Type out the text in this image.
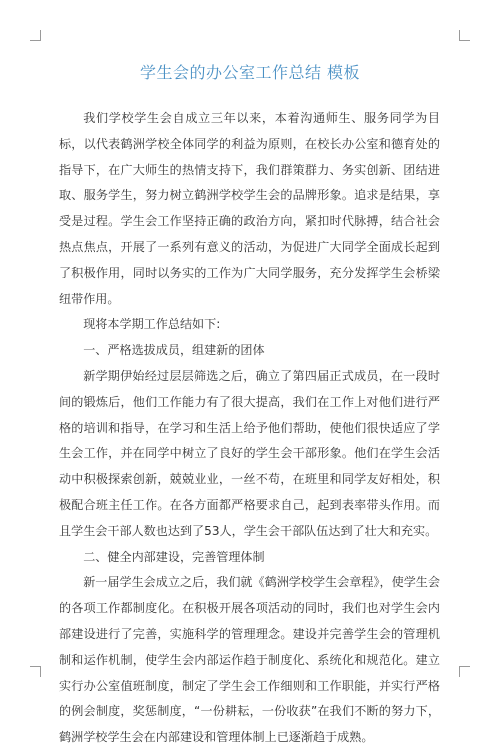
学生会的办公室工作总结 模板

我们学校学生会自成立三年以来，本着沟通师生、服务同学为目标，以代表鹤洲学校全体同学的利益为原则，在校长办公室和德育处的指导下，在广大师生的热情支持下，我们群策群力、务实创新、团结进取、服务学生，努力树立鹤洲学校学生会的品牌形象。追求是结果，享受是过程。学生会工作坚持正确的政治方向，紧扣时代脉搏，结合社会热点焦点，开展了一系列有意义的活动，为促进广大同学全面成长起到了积极作用，同时以务实的工作为广大同学服务，充分发挥学生会桥梁纽带作用。

现将本学期工作总结如下:

一、严格选拔成员，组建新的团体

新学期伊始经过层层筛选之后，确立了第四届正式成员，在一段时间的锻炼后，他们工作能力有了很大提高，我们在工作上对他们进行严格的培训和指导，在学习和生活上给予他们帮助，使他们很快适应了学生会工作，并在同学中树立了良好的学生会干部形象。他们在学生会活动中积极探索创新，兢兢业业，一丝不苟，在班里和同学友好相处，积极配合班主任工作。在各方面都严格要求自己，起到表率带头作用。而且学生会干部人数也达到了53人，学生会干部队伍达到了壮大和充实。

二、健全内部建设，完善管理体制

新一届学生会成立之后，我们就《鹤洲学校学生会章程》，使学生会的各项工作都制度化。在积极开展各项活动的同时，我们也对学生会内部建设进行了完善，实施科学的管理理念。建设并完善学生会的管理机制和运作机制，使学生会内部运作趋于制度化、系统化和规范化。建立实行办公室值班制度，制定了学生会工作细则和工作职能，并实行严格的例会制度，奖惩制度，“一份耕耘，一份收获”在我们不断的努力下，鹤洲学校学生会在内部建设和管理体制上已逐渐趋于成熟。
